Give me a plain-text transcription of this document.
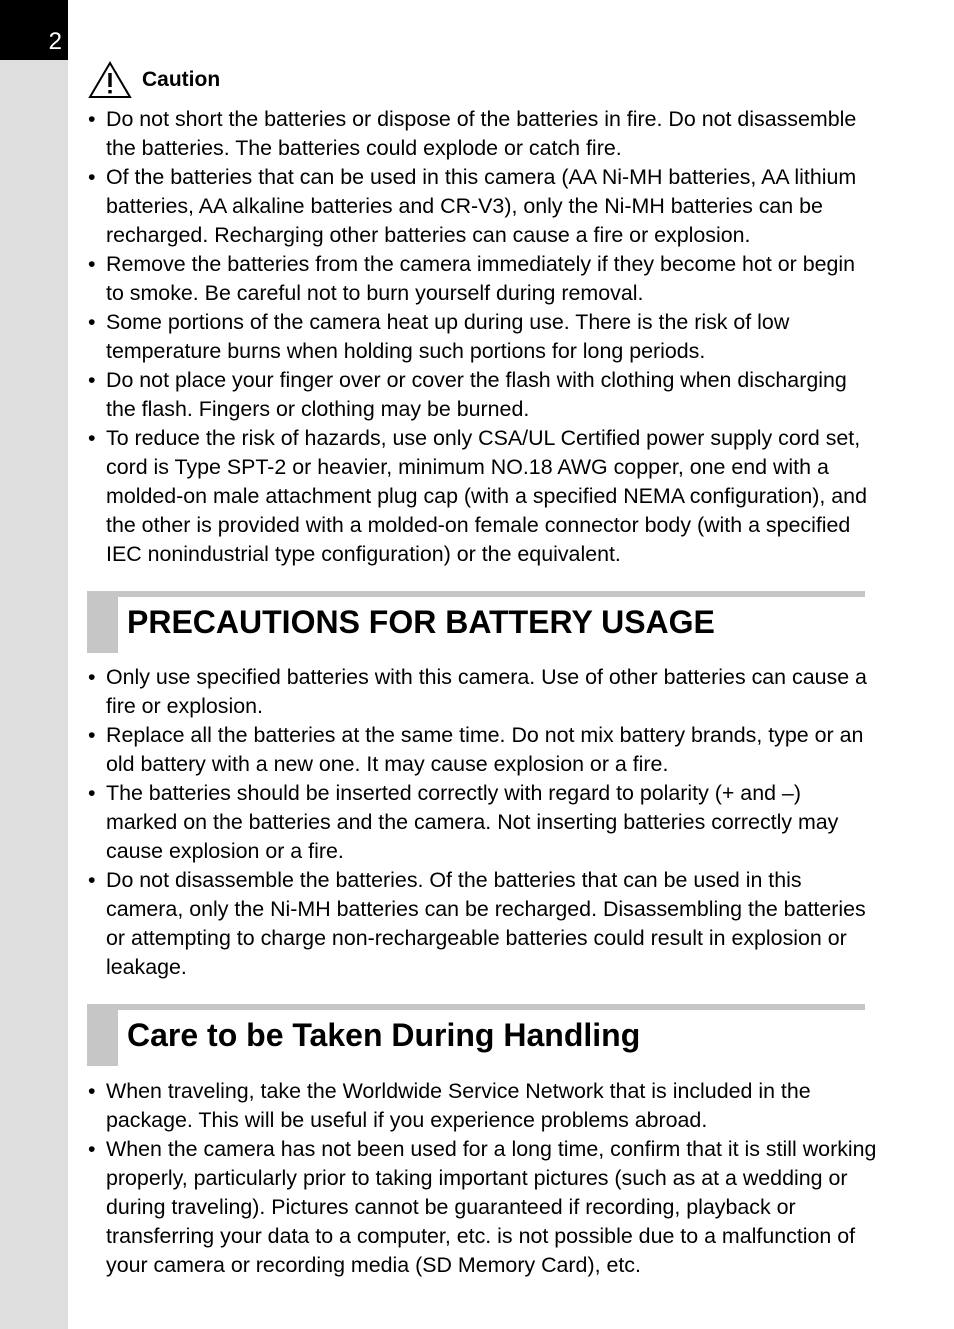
2
Caution
• Do not short the batteries or dispose of the batteries in fire. Do not disassemble the batteries. The batteries could explode or catch fire.
• Of the batteries that can be used in this camera (AA Ni-MH batteries, AA lithium batteries, AA alkaline batteries and CR-V3), only the Ni-MH batteries can be recharged. Recharging other batteries can cause a fire or explosion.
• Remove the batteries from the camera immediately if they become hot or begin to smoke. Be careful not to burn yourself during removal.
• Some portions of the camera heat up during use. There is the risk of low temperature burns when holding such portions for long periods.
• Do not place your finger over or cover the flash with clothing when discharging the flash. Fingers or clothing may be burned.
• To reduce the risk of hazards, use only CSA/UL Certified power supply cord set, cord is Type SPT-2 or heavier, minimum NO.18 AWG copper, one end with a molded-on male attachment plug cap (with a specified NEMA configuration), and the other is provided with a molded-on female connector body (with a specified IEC nonindustrial type configuration) or the equivalent.
PRECAUTIONS FOR BATTERY USAGE
• Only use specified batteries with this camera. Use of other batteries can cause a fire or explosion.
• Replace all the batteries at the same time. Do not mix battery brands, type or an old battery with a new one. It may cause explosion or a fire.
• The batteries should be inserted correctly with regard to polarity (+ and –) marked on the batteries and the camera. Not inserting batteries correctly may cause explosion or a fire.
• Do not disassemble the batteries. Of the batteries that can be used in this camera, only the Ni-MH batteries can be recharged. Disassembling the batteries or attempting to charge non-rechargeable batteries could result in explosion or leakage.
Care to be Taken During Handling
• When traveling, take the Worldwide Service Network that is included in the package. This will be useful if you experience problems abroad.
• When the camera has not been used for a long time, confirm that it is still working properly, particularly prior to taking important pictures (such as at a wedding or during traveling). Pictures cannot be guaranteed if recording, playback or transferring your data to a computer, etc. is not possible due to a malfunction of your camera or recording media (SD Memory Card), etc.
